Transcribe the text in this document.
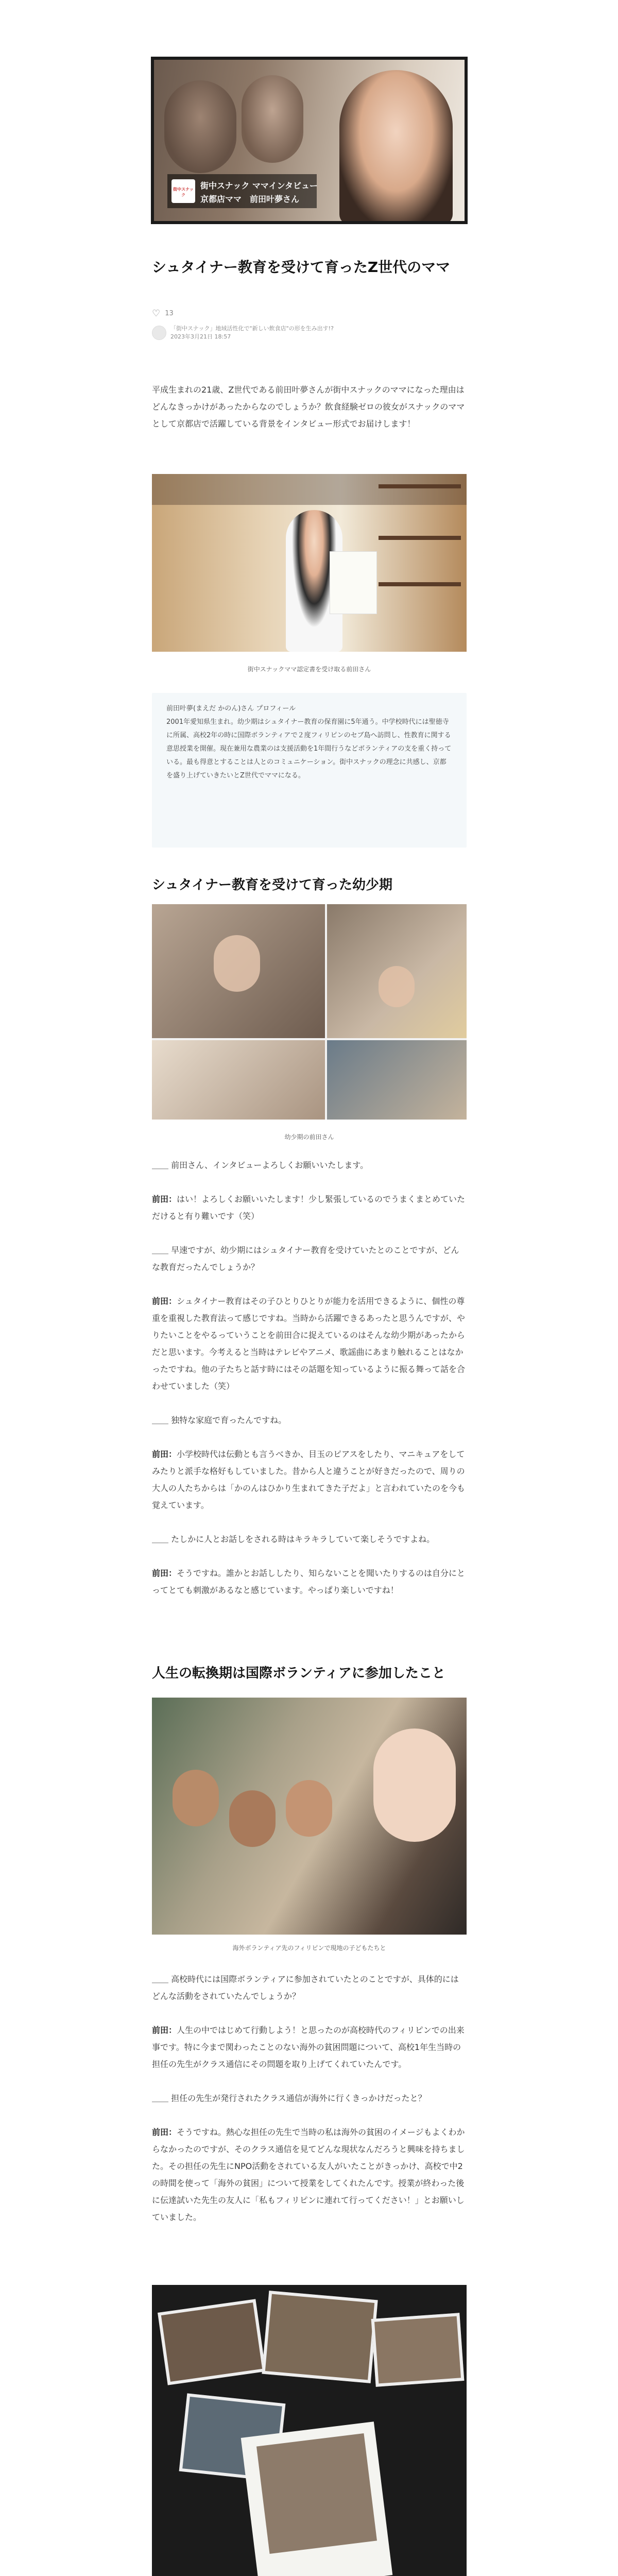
街中スナック
街中スナック ママインタビュー
京都店ママ　前田叶夢さん
シュタイナー教育を受けて育ったZ世代のママ
♡ 13
「街中スナック」地域活性化で"新しい飲食店"の形を生み出す!?
2023年3月21日 18:57

平成生まれの21歳、Z世代である前田叶夢さんが街中スナックのママになった理由はどんなきっかけがあったからなのでしょうか？飲食経験ゼロの彼女がスナックのママとして京都店で活躍している背景をインタビュー形式でお届けします！

街中スナックママ認定書を受け取る前田さん
前田叶夢(まえだ かのん)さん プロフィール
2001年愛知県生まれ。幼少期はシュタイナー教育の保育園に5年通う。中学校時代には聖徳寺に所属、高校2年の時に国際ボランティアで２度フィリピンのセブ島へ訪問し、性教育に関する意思授業を開催。現在兼用な農業のは支援活動を1年間行うなどボランティアの支を重く持っている。最も得意とすることは人とのコミュニケーション。街中スナックの理念に共感し、京都を盛り上げていきたいとZ世代でママになる。
シュタイナー教育を受けて育った幼少期
幼少期の前田さん

＿＿ 前田さん、インタビューよろしくお願いいたします。

前田：はい！よろしくお願いいたします！少し緊張しているのでうまくまとめていただけると有り難いです（笑）

＿＿ 早速ですが、幼少期にはシュタイナー教育を受けていたとのことですが、どんな教育だったんでしょうか？

前田：シュタイナー教育はその子ひとりひとりが能力を活用できるように、個性の尊重を重視した教育法って感じですね。当時から活躍できるあったと思うんですが、やりたいことをやるっていうことを前田合に捉えているのはそんな幼少期があったからだと思います。今考えると当時はテレビやアニメ、歌謡曲にあまり触れることはなかったですね。他の子たちと話す時にはその話題を知っているように振る舞って話を合わせていました（笑）

＿＿ 独特な家庭で育ったんですね。

前田：小学校時代は伝動とも言うべきか、目玉のピアスをしたり、マニキュアをしてみたりと派手な格好もしていました。昔から人と違うことが好きだったので、周りの大人の人たちからは「かのんはひかり生まれてきた子だよ」と言われていたのを今も覚えています。

＿＿ たしかに人とお話しをされる時はキラキラしていて楽しそうですよね。

前田：そうですね。誰かとお話ししたり、知らないことを聞いたりするのは自分にとってとても刺激があるなと感じています。やっぱり楽しいですね！

人生の転換期は国際ボランティアに参加したこと
海外ボランティア先のフィリピンで現地の子どもたちと

＿＿ 高校時代には国際ボランティアに参加されていたとのことですが、具体的にはどんな活動をされていたんでしょうか？

前田：人生の中ではじめて行動しよう！と思ったのが高校時代のフィリピンでの出来事です。特に今まで関わったことのない海外の貧困問題について、高校1年生当時の担任の先生がクラス通信にその問題を取り上げてくれていたんです。

＿＿ 担任の先生が発行されたクラス通信が海外に行くきっかけだったと？

前田：そうですね。熱心な担任の先生で当時の私は海外の貧困のイメージもよくわからなかったのですが、そのクラス通信を見てどんな現状なんだろうと興味を持ちました。その担任の先生にNPO活動をされている友人がいたことがきっかけ、高校で中2の時間を使って「海外の貧困」について授業をしてくれたんです。授業が終わった後に伝達試いた先生の友人に「私もフィリピンに連れて行ってください！」とお願いしていました。
